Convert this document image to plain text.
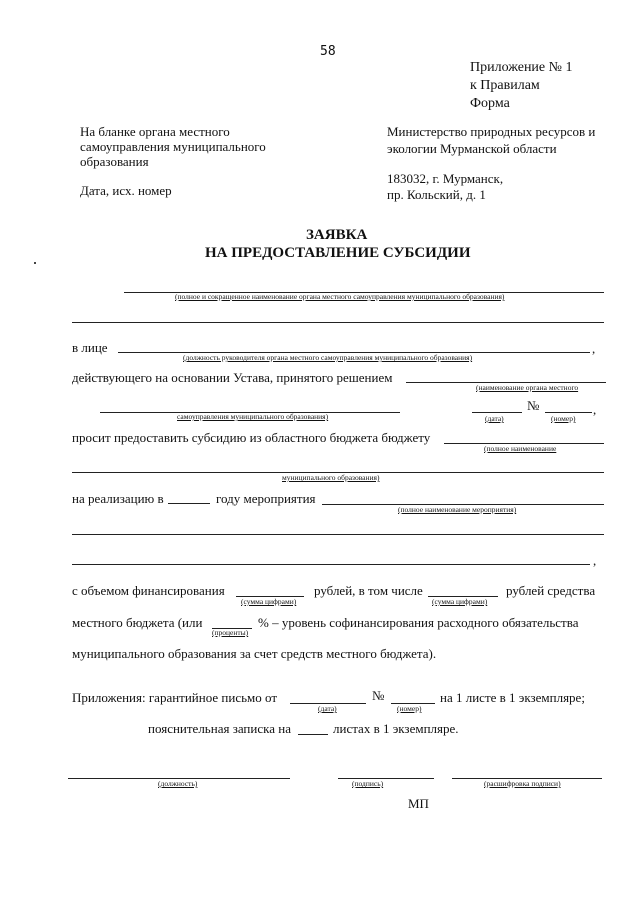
58
Приложение № 1
к Правилам
Форма
На бланке органа местного
самоуправления муниципального
образования
Дата, исх. номер
Министерство природных ресурсов и
экологии Мурманской области
183032, г. Мурманск,
пр. Кольский, д. 1
ЗАЯВКА
НА ПРЕДОСТАВЛЕНИЕ СУБСИДИИ
(полное и сокращенное наименование органа местного самоуправления муниципального образования)
в лице	,
(должность руководителя органа местного самоуправления муниципального образования)
действующего на основании Устава, принятого решением
(наименование органа местного
самоуправления муниципального образования)
№	,
(дата)	(номер)
просит предоставить субсидию из областного бюджета бюджету
(полное наименование
муниципального образования)
на реализацию в	году мероприятия
(полное наименование мероприятия)
,
с объемом финансирования
(сумма цифрами)
рублей, в том числе
(сумма цифрами)
рублей средства
местного бюджета (или
(проценты)
% – уровень софинансирования расходного обязательства
муниципального образования за счет средств местного бюджета).
Приложения: гарантийное письмо от
(дата)
№
(номер)
на 1 листе в 1 экземпляре;
пояснительная записка на	листах в 1 экземпляре.
(должность)	(подпись)	(расшифровка подписи)
МП
